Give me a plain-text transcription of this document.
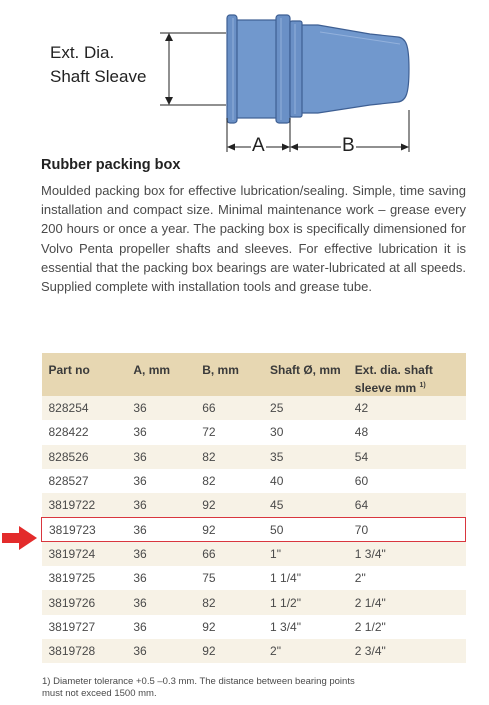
Ext. Dia.
Shaft Sleave
A	B
Rubber packing box

Moulded packing box for effective lubrication/sealing. Simple, time saving installation and compact size. Minimal maintenance work – grease every 200 hours or once a year. The packing box is specifically dimensioned for Volvo Penta propeller shafts and sleeves. For effective lubrication it is essential that the packing box bearings are water-lubricated at all speeds. Supplied complete with installation tools and grease tube.

Part no	A, mm	B, mm	Shaft Ø, mm	Ext. dia. shaft
sleeve mm $^{1)}$
828254	36	66	25	42
828422	36	72	30	48
828526	36	82	35	54
828527	36	82	40	60
3819722	36	92	45	64
3819723	36	92	50	70
3819724	36	66	1"	1 3/4"
3819725	36	75	1 1/4"	2"
3819726	36	82	1 1/2"	2 1/4"
3819727	36	92	1 3/4"	2 1/2"
3819728	36	92	2"	2 3/4"

1) Diameter tolerance +0.5 –0.3 mm. The distance between bearing points
must not exceed 1500 mm.
